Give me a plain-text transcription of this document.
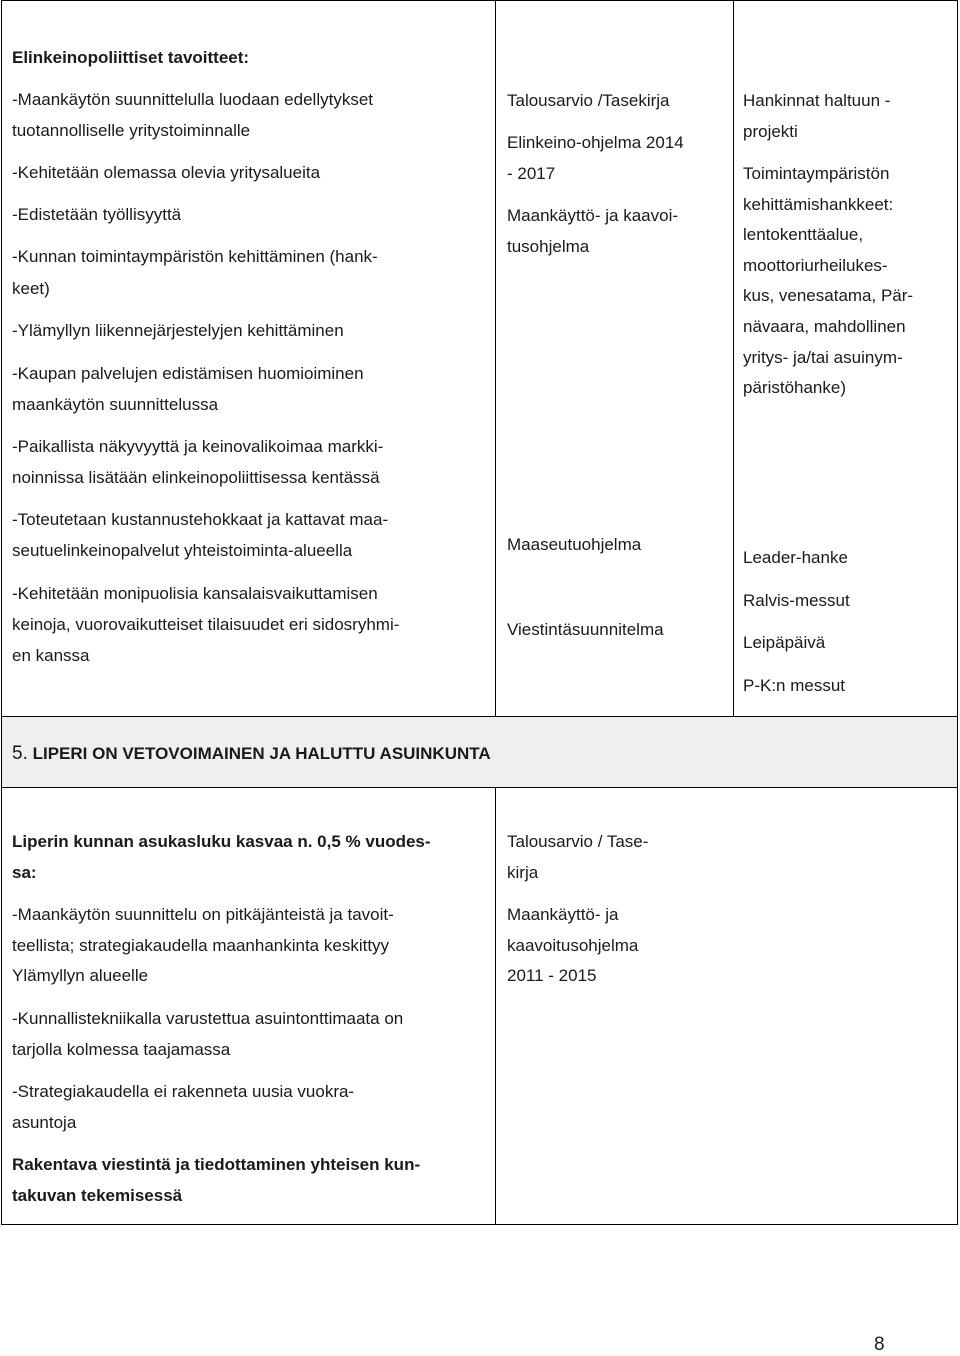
Elinkeinopoliittiset tavoitteet:
-Maankäytön suunnittelulla luodaan edellytykset
tuotannolliselle yritystoiminnalle
-Kehitetään olemassa olevia yritysalueita
-Edistetään työllisyyttä
-Kunnan toimintaympäristön kehittäminen (hank-
keet)
-Ylämyllyn liikennejärjestelyjen kehittäminen
-Kaupan palvelujen edistämisen huomioiminen
maankäytön suunnittelussa
-Paikallista näkyvyyttä ja keinovalikoimaa markki-
noinnissa lisätään elinkeinopoliittisessa kentässä
-Toteutetaan kustannustehokkaat ja kattavat maa-
seutuelinkeinopalvelut yhteistoiminta-alueella
-Kehitetään monipuolisia kansalaisvaikuttamisen
keinoja, vuorovaikutteiset tilaisuudet eri sidosryhmi-
en kanssa
Talousarvio /Tasekirja
Elinkeino-ohjelma 2014
- 2017
Maankäyttö- ja kaavoi-
tusohjelma
Maaseutuohjelma
Viestintäsuunnitelma
Hankinnat haltuun -
projekti
Toimintaympäristön
kehittämishankkeet:
lentokenttäalue,
moottoriurheilukes-
kus, venesatama, Pär-
nävaara, mahdollinen
yritys- ja/tai asuinym-
päristöhanke)
Leader-hanke
Ralvis-messut
Leipäpäivä
P-K:n messut
5. LIPERI ON VETOVOIMAINEN JA HALUTTU ASUINKUNTA
Liperin kunnan asukasluku kasvaa n. 0,5 % vuodes-
sa:
-Maankäytön suunnittelu on pitkäjänteistä ja tavoit-
teellista; strategiakaudella maanhankinta keskittyy
Ylämyllyn alueelle
-Kunnallistekniikalla varustettua asuintonttimaata on
tarjolla kolmessa taajamassa
-Strategiakaudella ei rakenneta uusia vuokra-
asuntoja
Rakentava viestintä ja tiedottaminen yhteisen kun-
takuvan tekemisessä
Talousarvio / Tase-
kirja
Maankäyttö- ja
kaavoitusohjelma
2011 - 2015
8
